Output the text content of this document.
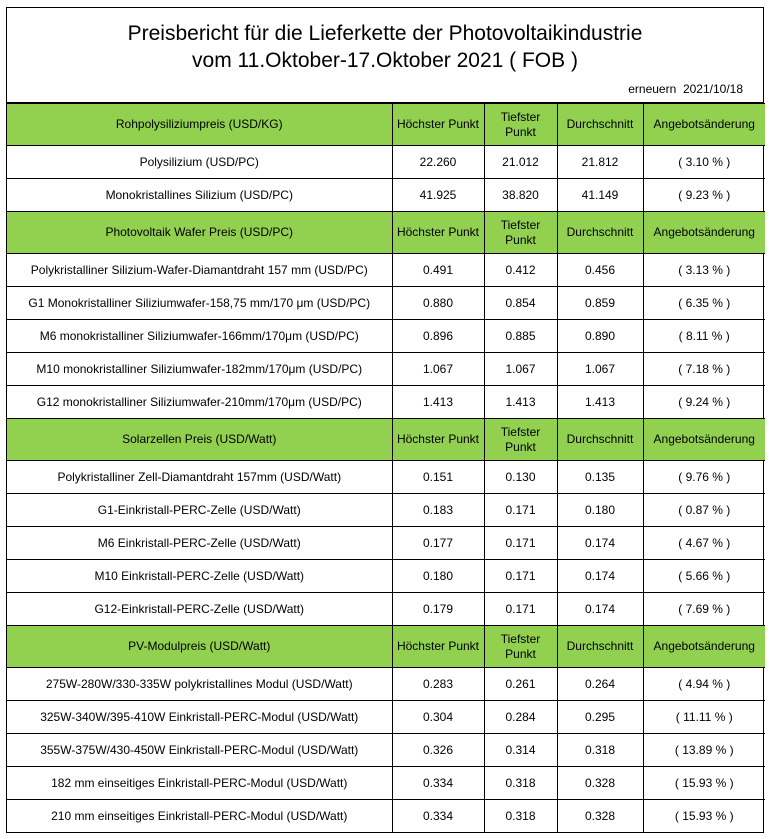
Preisbericht für die Lieferkette der Photovoltaikindustrie
vom 11.Oktober-17.Oktober 2021 ( FOB )
erneuern  2021/10/18
Rohpolysiliziumpreis (USD/KG)	Höchster Punkt	Tiefster Punkt	Durchschnitt	Angebotsänderung
Polysilizium (USD/PC)	22.260	21.012	21.812	( 3.10 % )
Monokristallines Silizium (USD/PC)	41.925	38.820	41.149	( 9.23 % )
Photovoltaik Wafer Preis (USD/PC)	Höchster Punkt	Tiefster Punkt	Durchschnitt	Angebotsänderung
Polykristalliner Silizium-Wafer-Diamantdraht 157 mm (USD/PC)	0.491	0.412	0.456	( 3.13 % )
G1 Monokristalliner Siliziumwafer-158,75 mm/170 μm (USD/PC)	0.880	0.854	0.859	( 6.35 % )
M6 monokristalliner Siliziumwafer-166mm/170μm (USD/PC)	0.896	0.885	0.890	( 8.11 % )
M10 monokristalliner Siliziumwafer-182mm/170μm (USD/PC)	1.067	1.067	1.067	( 7.18 % )
G12 monokristalliner Siliziumwafer-210mm/170μm (USD/PC)	1.413	1.413	1.413	( 9.24 % )
Solarzellen Preis (USD/Watt)	Höchster Punkt	Tiefster Punkt	Durchschnitt	Angebotsänderung
Polykristalliner Zell-Diamantdraht 157mm (USD/Watt)	0.151	0.130	0.135	( 9.76 % )
G1-Einkristall-PERC-Zelle (USD/Watt)	0.183	0.171	0.180	( 0.87 % )
M6 Einkristall-PERC-Zelle (USD/Watt)	0.177	0.171	0.174	( 4.67 % )
M10 Einkristall-PERC-Zelle (USD/Watt)	0.180	0.171	0.174	( 5.66 % )
G12-Einkristall-PERC-Zelle (USD/Watt)	0.179	0.171	0.174	( 7.69 % )
PV-Modulpreis (USD/Watt)	Höchster Punkt	Tiefster Punkt	Durchschnitt	Angebotsänderung
275W-280W/330-335W polykristallines Modul (USD/Watt)	0.283	0.261	0.264	( 4.94 % )
325W-340W/395-410W Einkristall-PERC-Modul (USD/Watt)	0.304	0.284	0.295	( 11.11 % )
355W-375W/430-450W Einkristall-PERC-Modul (USD/Watt)	0.326	0.314	0.318	( 13.89 % )
182 mm einseitiges Einkristall-PERC-Modul (USD/Watt)	0.334	0.318	0.328	( 15.93 % )
210 mm einseitiges Einkristall-PERC-Modul (USD/Watt)	0.334	0.318	0.328	( 15.93 % )
